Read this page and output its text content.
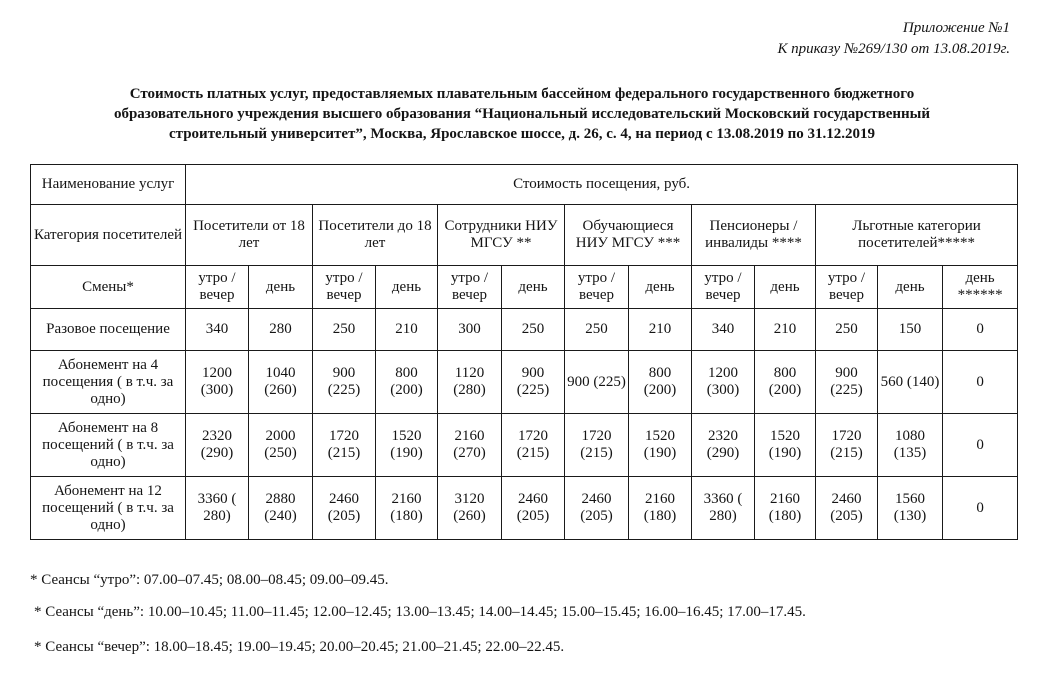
Приложение №1
К приказу №269/130 от 13.08.2019г.
Стоимость платных услуг, предоставляемых плавательным бассейном федерального государственного бюджетного
образовательного учреждения высшего образования “Национальный исследовательский Московский государственный
строительный университет”, Москва, Ярославское шоссе, д. 26, с. 4, на период с 13.08.2019 по 31.12.2019
Наименование услуг	Стоимость посещения, руб.												
Категория посетителей	Посетители от 18 лет		Посетители до 18 лет		Сотрудники НИУ МГСУ **		Обучающиеся НИУ МГСУ ***		Пенсионеры / инвалиды ****		Льготные категории посетителей*****		
Смены*	утро /вечер	день	утро /вечер	день	утро /вечер	день	утро /вечер	день	утро /вечер	день	утро /вечер	день	день ******
Разовое посещение	340	280	250	210	300	250	250	210	340	210	250	150	0
Абонемент на 4 посещения ( в т.ч. за одно)	1200 (300)	1040 (260)	900 (225)	800 (200)	1120 (280)	900 (225)	900 (225)	800 (200)	1200 (300)	800 (200)	900 (225)	560 (140)	0
Абонемент на 8 посещений ( в т.ч. за одно)	2320 (290)	2000 (250)	1720 (215)	1520 (190)	2160 (270)	1720 (215)	1720 (215)	1520 (190)	2320 (290)	1520 (190)	1720 (215)	1080 (135)	0
Абонемент на 12 посещений ( в т.ч. за одно)	3360 ( 280)	2880 (240)	2460 (205)	2160 (180)	3120 (260)	2460 (205)	2460 (205)	2160 (180)	3360 ( 280)	2160 (180)	2460 (205)	1560 (130)	0

* Сеансы “утро”: 07.00–07.45; 08.00–08.45; 09.00–09.45.

* Сеансы “день”: 10.00–10.45; 11.00–11.45; 12.00–12.45; 13.00–13.45; 14.00–14.45; 15.00–15.45; 16.00–16.45; 17.00–17.45.

* Сеансы “вечер”: 18.00–18.45; 19.00–19.45; 20.00–20.45; 21.00–21.45; 22.00–22.45.
